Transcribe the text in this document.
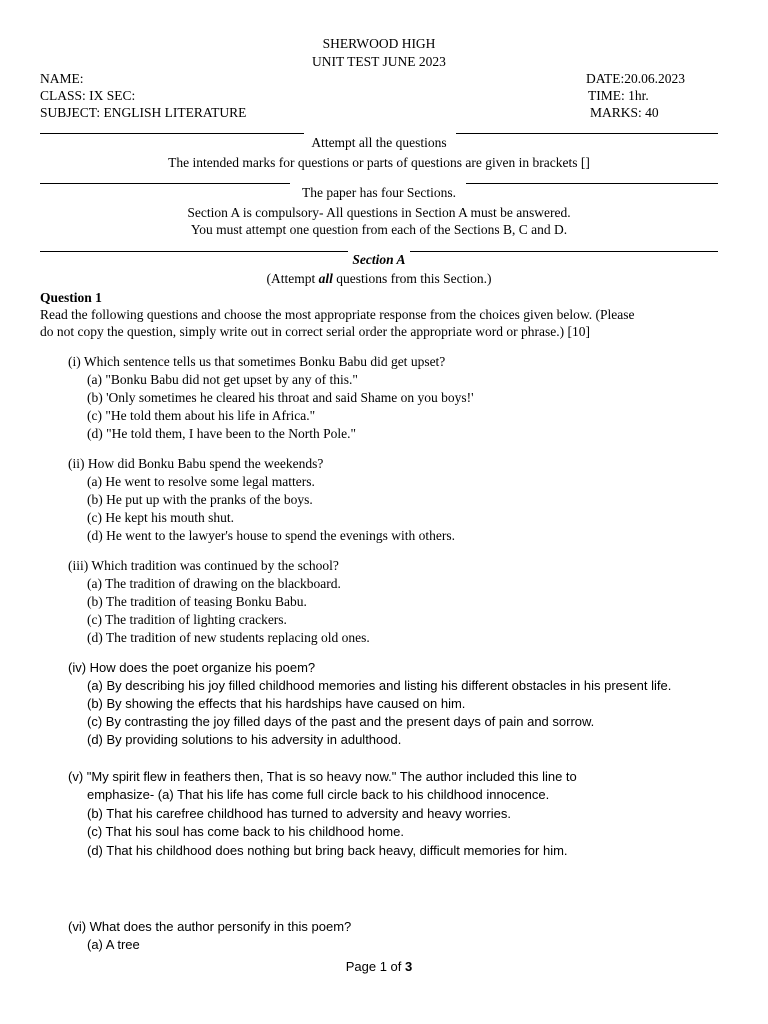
SHERWOOD HIGH
UNIT TEST JUNE 2023
NAME:	DATE:20.06.2023
CLASS: IX SEC:	TIME: 1hr.
SUBJECT: ENGLISH LITERATURE	MARKS: 40
Attempt all the questions
The intended marks for questions or parts of questions are given in brackets []
The paper has four Sections.
Section A is compulsory- All questions in Section A must be answered.
You must attempt one question from each of the Sections B, C and D.
Section A
(Attempt all questions from this Section.)
Question 1
Read the following questions and choose the most appropriate response from the choices given below. (Please
do not copy the question, simply write out in correct serial order the appropriate word or phrase.) [10]
(i) Which sentence tells us that sometimes Bonku Babu did get upset?
(a) "Bonku Babu did not get upset by any of this."
(b) 'Only sometimes he cleared his throat and said Shame on you boys!'
(c) "He told them about his life in Africa."
(d) "He told them, I have been to the North Pole."
(ii) How did Bonku Babu spend the weekends?
(a) He went to resolve some legal matters.
(b) He put up with the pranks of the boys.
(c) He kept his mouth shut.
(d) He went to the lawyer's house to spend the evenings with others.
(iii) Which tradition was continued by the school?
(a) The tradition of drawing on the blackboard.
(b) The tradition of teasing Bonku Babu.
(c) The tradition of lighting crackers.
(d) The tradition of new students replacing old ones.
(iv) How does the poet organize his poem?
(a) By describing his joy filled childhood memories and listing his different obstacles in his present life.
(b) By showing the effects that his hardships have caused on him.
(c) By contrasting the joy filled days of the past and the present days of pain and sorrow.
(d) By providing solutions to his adversity in adulthood.
(v) "My spirit flew in feathers then, That is so heavy now." The author included this line to
emphasize- (a) That his life has come full circle back to his childhood innocence.
(b) That his carefree childhood has turned to adversity and heavy worries.
(c) That his soul has come back to his childhood home.
(d) That his childhood does nothing but bring back heavy, difficult memories for him.
(vi) What does the author personify in this poem?
(a) A tree
Page 1 of 3
